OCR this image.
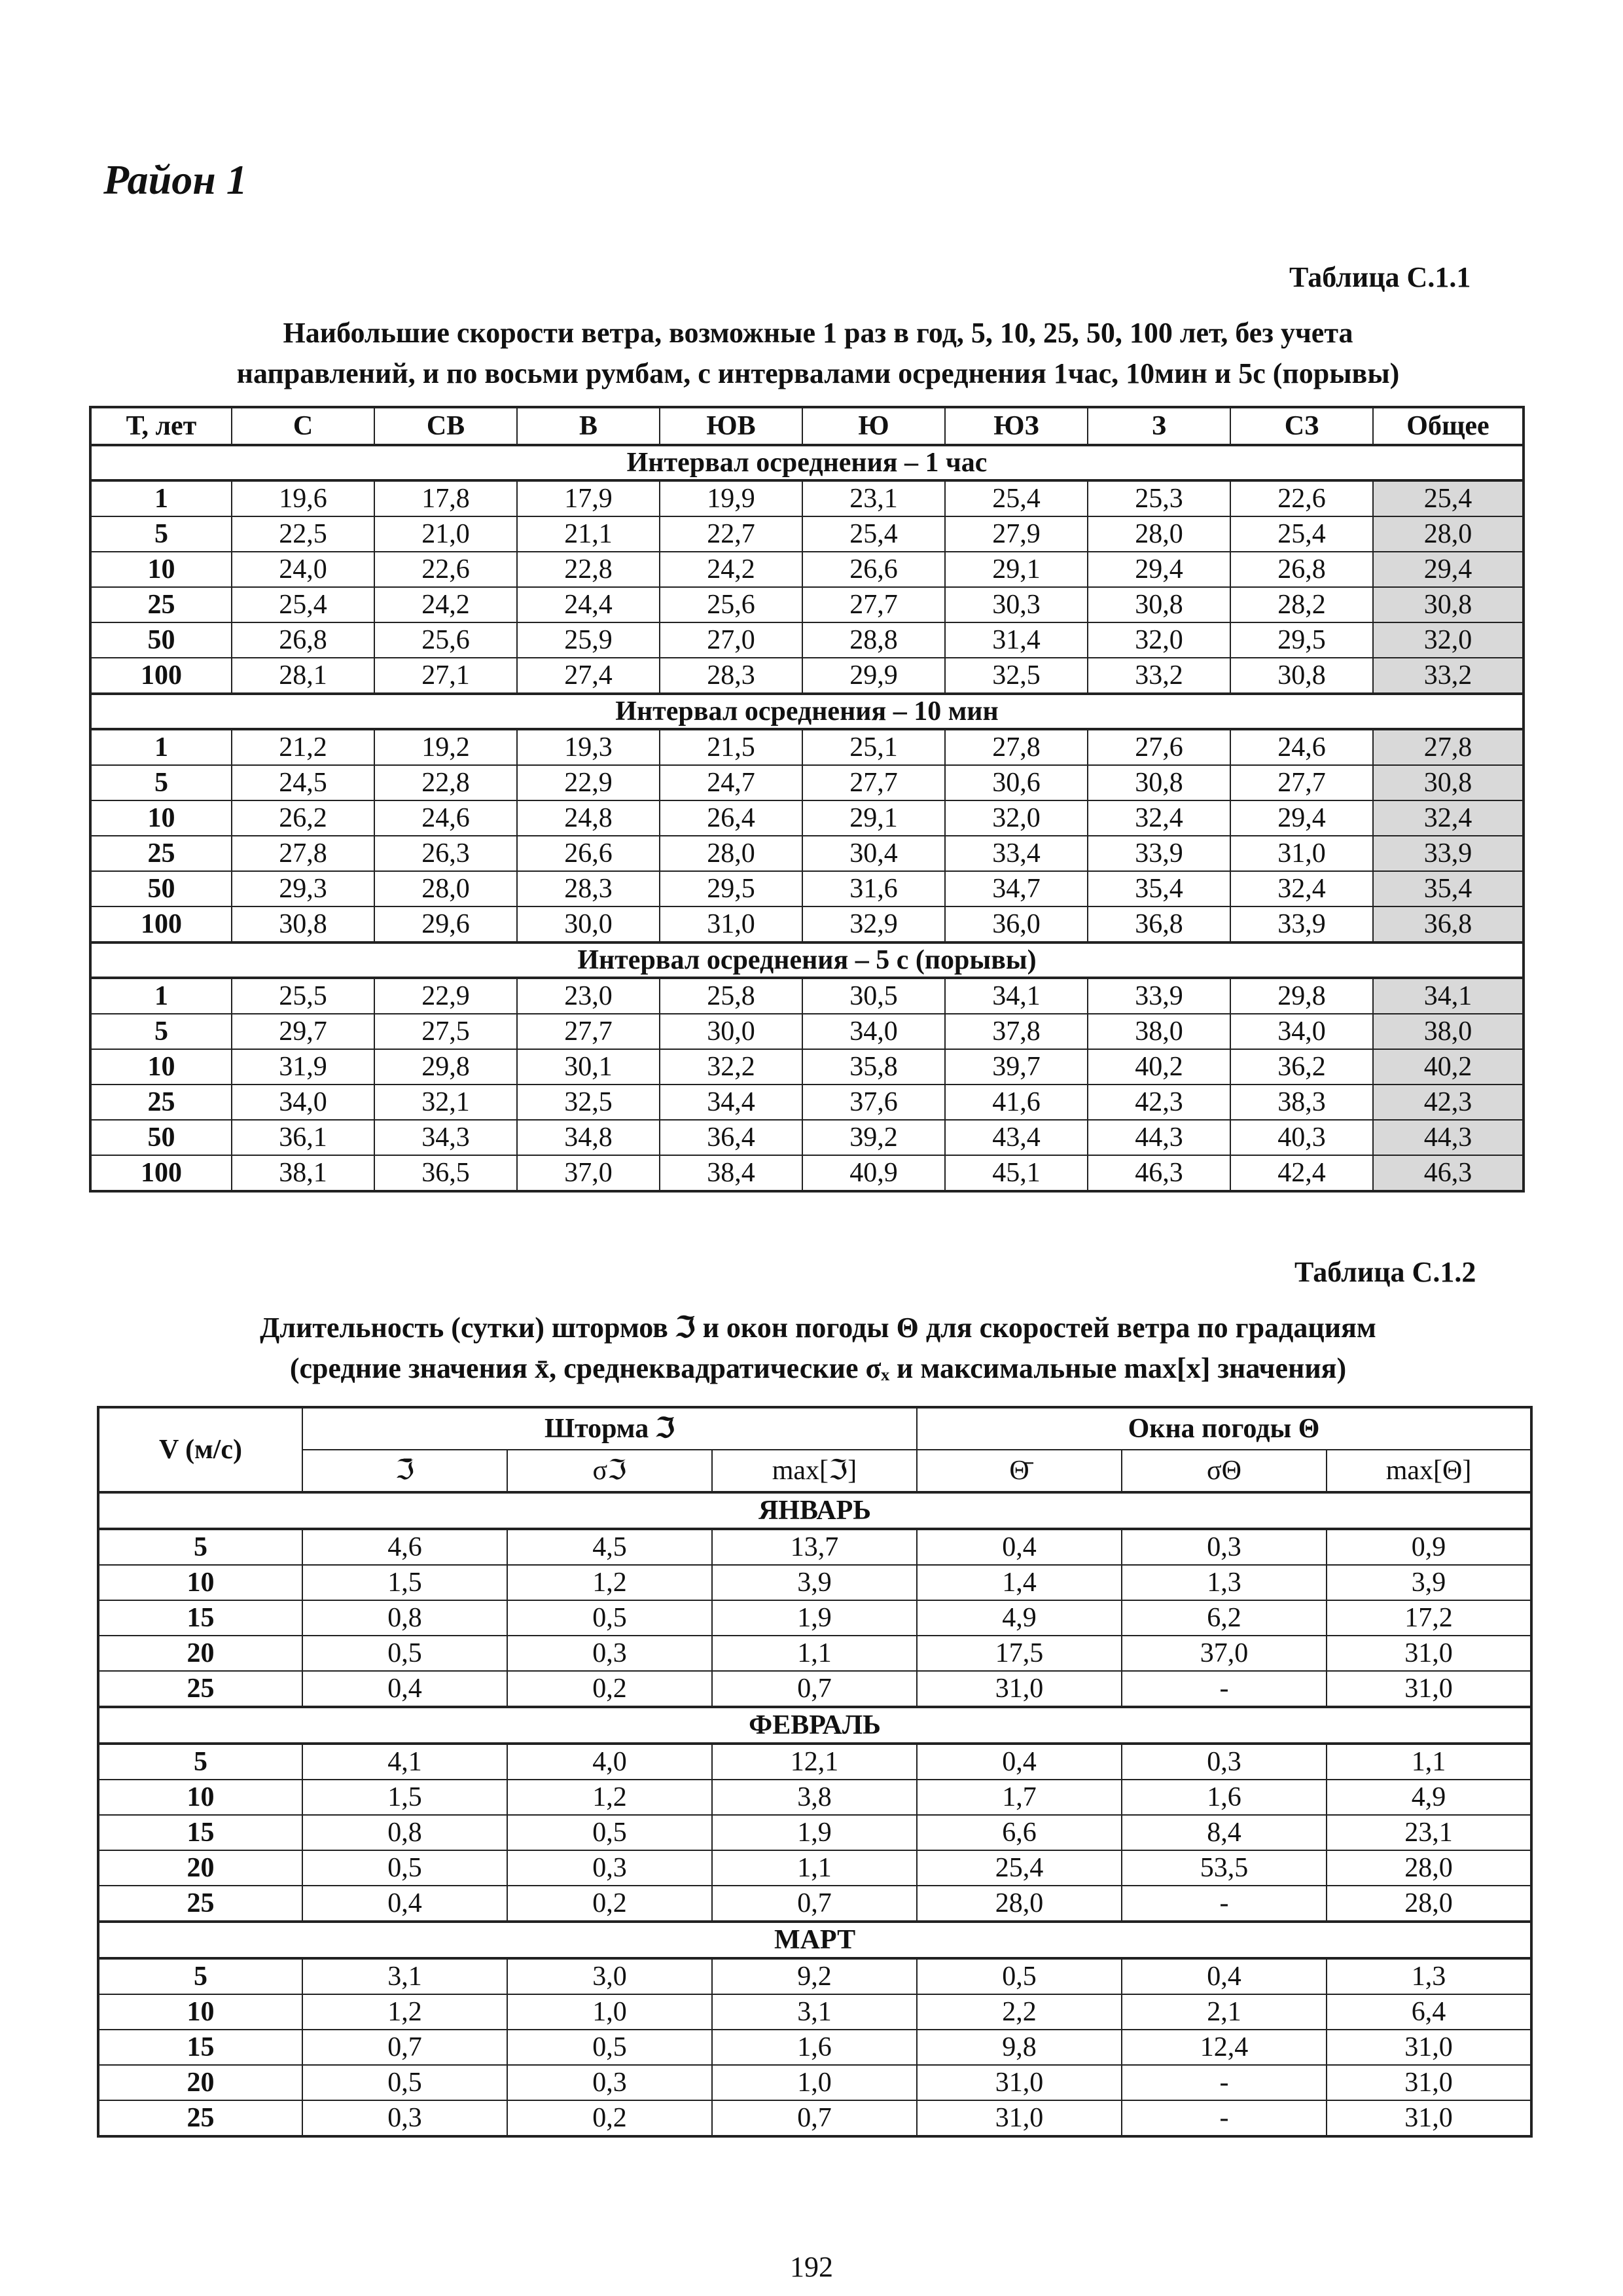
Район 1
Таблица С.1.1
Наибольшие скорости ветра, возможные 1 раз в год, 5, 10, 25, 50, 100 лет, без учета
направлений, и по восьми румбам, с интервалами осреднения 1час, 10мин и 5с (порывы)
Т, лет	С	СВ	В	ЮВ	Ю	ЮЗ	З	СЗ	Общее
Интервал осреднения – 1 час									
1	19,6	17,8	17,9	19,9	23,1	25,4	25,3	22,6	25,4
5	22,5	21,0	21,1	22,7	25,4	27,9	28,0	25,4	28,0
10	24,0	22,6	22,8	24,2	26,6	29,1	29,4	26,8	29,4
25	25,4	24,2	24,4	25,6	27,7	30,3	30,8	28,2	30,8
50	26,8	25,6	25,9	27,0	28,8	31,4	32,0	29,5	32,0
100	28,1	27,1	27,4	28,3	29,9	32,5	33,2	30,8	33,2
Интервал осреднения – 10 мин									
1	21,2	19,2	19,3	21,5	25,1	27,8	27,6	24,6	27,8
5	24,5	22,8	22,9	24,7	27,7	30,6	30,8	27,7	30,8
10	26,2	24,6	24,8	26,4	29,1	32,0	32,4	29,4	32,4
25	27,8	26,3	26,6	28,0	30,4	33,4	33,9	31,0	33,9
50	29,3	28,0	28,3	29,5	31,6	34,7	35,4	32,4	35,4
100	30,8	29,6	30,0	31,0	32,9	36,0	36,8	33,9	36,8
Интервал осреднения – 5 с (порывы)									
1	25,5	22,9	23,0	25,8	30,5	34,1	33,9	29,8	34,1
5	29,7	27,5	27,7	30,0	34,0	37,8	38,0	34,0	38,0
10	31,9	29,8	30,1	32,2	35,8	39,7	40,2	36,2	40,2
25	34,0	32,1	32,5	34,4	37,6	41,6	42,3	38,3	42,3
50	36,1	34,3	34,8	36,4	39,2	43,4	44,3	40,3	44,3
100	38,1	36,5	37,0	38,4	40,9	45,1	46,3	42,4	46,3
Таблица С.1.2
Длительность (сутки) штормов ℑ и окон погоды Θ для скоростей ветра по градациям
(средние значения x̄, среднеквадратические σₓ и максимальные max[x] значения)
V (м/с)	Шторма ℑ			Окна погоды Θ		
	ℑ̄	σℑ	max[ℑ]	Θ̄	σΘ	max[Θ]
ЯНВАРЬ						
5	4,6	4,5	13,7	0,4	0,3	0,9
10	1,5	1,2	3,9	1,4	1,3	3,9
15	0,8	0,5	1,9	4,9	6,2	17,2
20	0,5	0,3	1,1	17,5	37,0	31,0
25	0,4	0,2	0,7	31,0	-	31,0
ФЕВРАЛЬ						
5	4,1	4,0	12,1	0,4	0,3	1,1
10	1,5	1,2	3,8	1,7	1,6	4,9
15	0,8	0,5	1,9	6,6	8,4	23,1
20	0,5	0,3	1,1	25,4	53,5	28,0
25	0,4	0,2	0,7	28,0	-	28,0
МАРТ						
5	3,1	3,0	9,2	0,5	0,4	1,3
10	1,2	1,0	3,1	2,2	2,1	6,4
15	0,7	0,5	1,6	9,8	12,4	31,0
20	0,5	0,3	1,0	31,0	-	31,0
25	0,3	0,2	0,7	31,0	-	31,0
192
